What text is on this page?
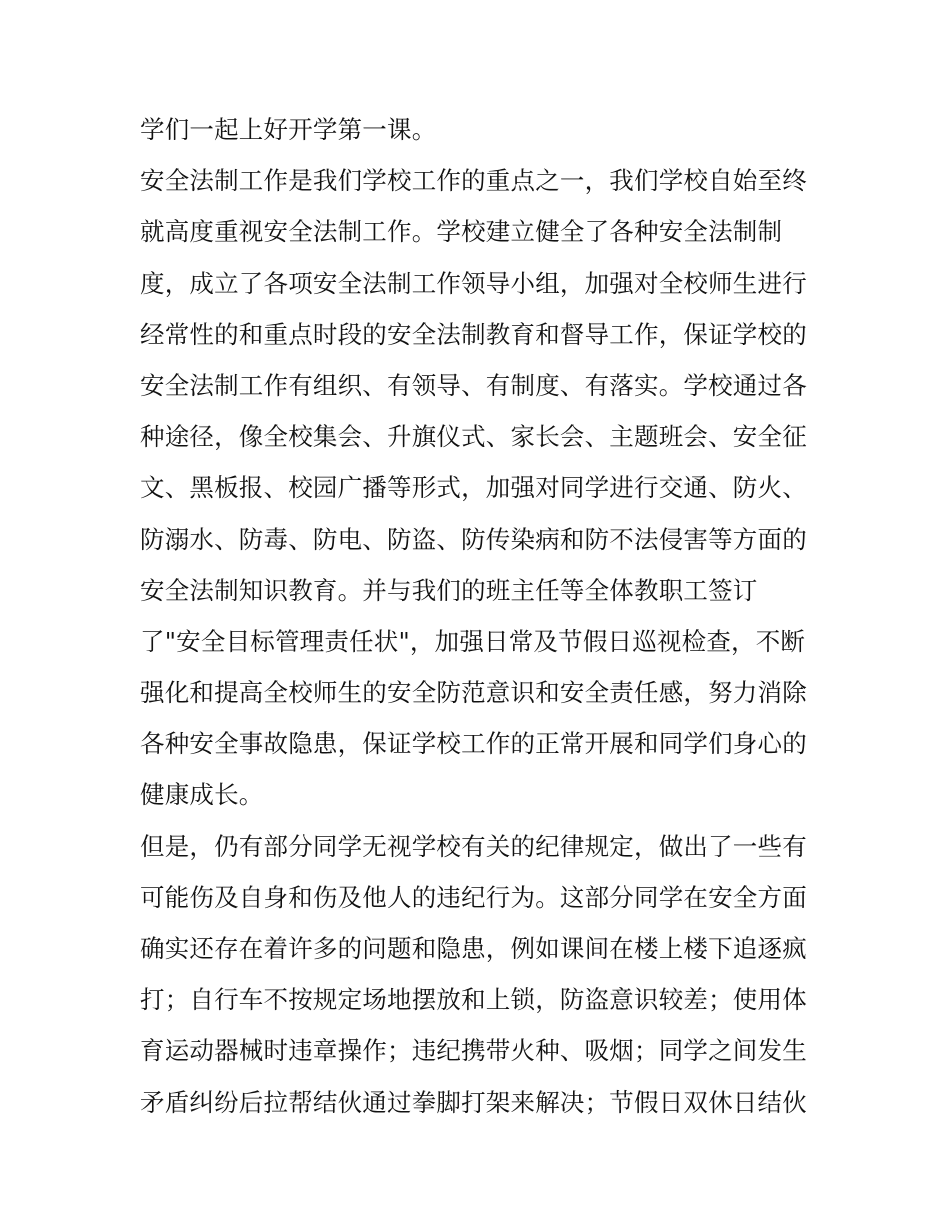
学们一起上好开学第一课。
安全法制工作是我们学校工作的重点之一，我们学校自始至终
就高度重视安全法制工作。学校建立健全了各种安全法制制
度，成立了各项安全法制工作领导小组，加强对全校师生进行
经常性的和重点时段的安全法制教育和督导工作，保证学校的
安全法制工作有组织、有领导、有制度、有落实。学校通过各
种途径，像全校集会、升旗仪式、家长会、主题班会、安全征
文、黑板报、校园广播等形式，加强对同学进行交通、防火、
防溺水、防毒、防电、防盗、防传染病和防不法侵害等方面的
安全法制知识教育。并与我们的班主任等全体教职工签订
了"安全目标管理责任状"，加强日常及节假日巡视检查，不断
强化和提高全校师生的安全防范意识和安全责任感，努力消除
各种安全事故隐患，保证学校工作的正常开展和同学们身心的
健康成长。
但是，仍有部分同学无视学校有关的纪律规定，做出了一些有
可能伤及自身和伤及他人的违纪行为。这部分同学在安全方面
确实还存在着许多的问题和隐患，例如课间在楼上楼下追逐疯
打；自行车不按规定场地摆放和上锁，防盗意识较差；使用体
育运动器械时违章操作；违纪携带火种、吸烟；同学之间发生
矛盾纠纷后拉帮结伙通过拳脚打架来解决；节假日双休日结伙
